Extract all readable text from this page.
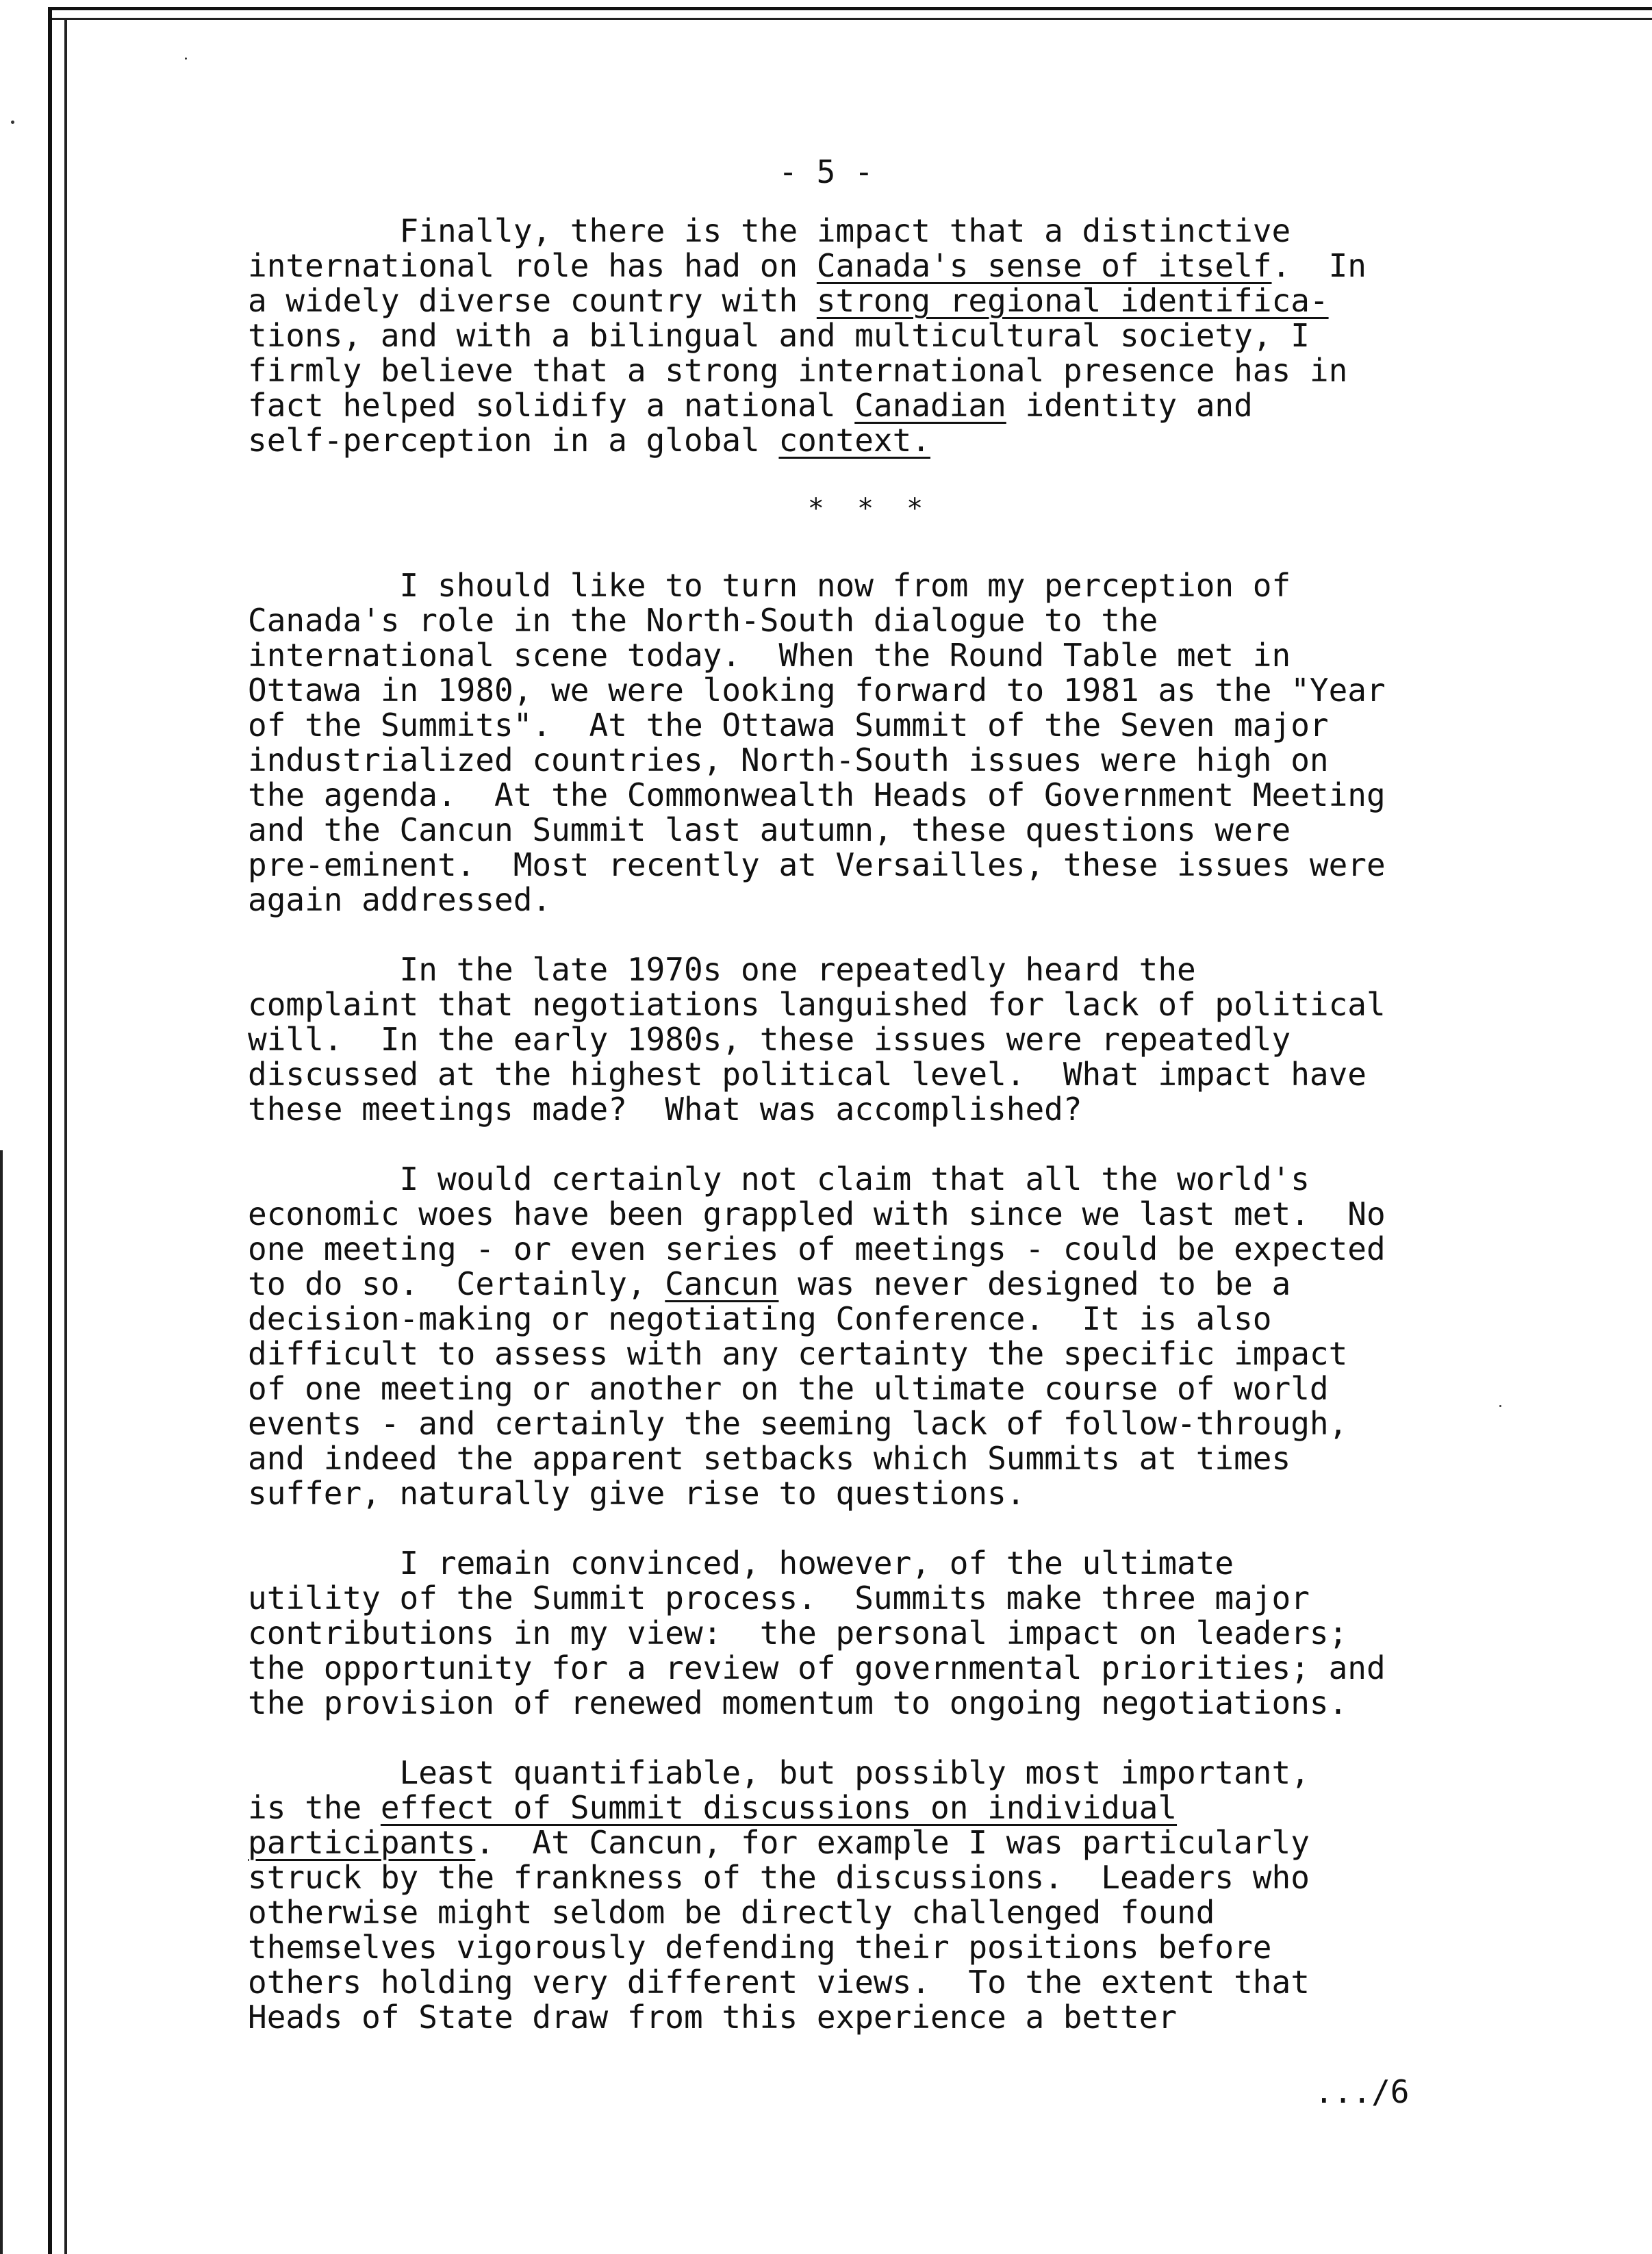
- 5 -

Finally, there is the impact that a distinctive
international role has had on Canada's sense of itself.  In
a widely diverse country with strong regional identifica-
tions, and with a bilingual and multicultural society, I
firmly believe that a strong international presence has in
fact helped solidify a national Canadian identity and
self-perception in a global context.

* * *
I should like to turn now from my perception of
Canada's role in the North-South dialogue to the
international scene today.  When the Round Table met in
Ottawa in 1980, we were looking forward to 1981 as the "Year
of the Summits".  At the Ottawa Summit of the Seven major
industrialized countries, North-South issues were high on
the agenda.  At the Commonwealth Heads of Government Meeting
and the Cancun Summit last autumn, these questions were
pre-eminent.  Most recently at Versailles, these issues were
again addressed.
In the late 1970s one repeatedly heard the
complaint that negotiations languished for lack of political
will.  In the early 1980s, these issues were repeatedly
discussed at the highest political level.  What impact have
these meetings made?  What was accomplished?
I would certainly not claim that all the world's
economic woes have been grappled with since we last met.  No
one meeting - or even series of meetings - could be expected
to do so.  Certainly, Cancun was never designed to be a
decision-making or negotiating Conference.  It is also
difficult to assess with any certainty the specific impact
of one meeting or another on the ultimate course of world
events - and certainly the seeming lack of follow-through,
and indeed the apparent setbacks which Summits at times
suffer, naturally give rise to questions.
I remain convinced, however, of the ultimate
utility of the Summit process.  Summits make three major
contributions in my view:  the personal impact on leaders;
the opportunity for a review of governmental priorities; and
the provision of renewed momentum to ongoing negotiations.
Least quantifiable, but possibly most important,
is the effect of Summit discussions on individual
participants.  At Cancun, for example I was particularly
struck by the frankness of the discussions.  Leaders who
otherwise might seldom be directly challenged found
themselves vigorously defending their positions before
others holding very different views.  To the extent that
Heads of State draw from this experience a better
.../6
